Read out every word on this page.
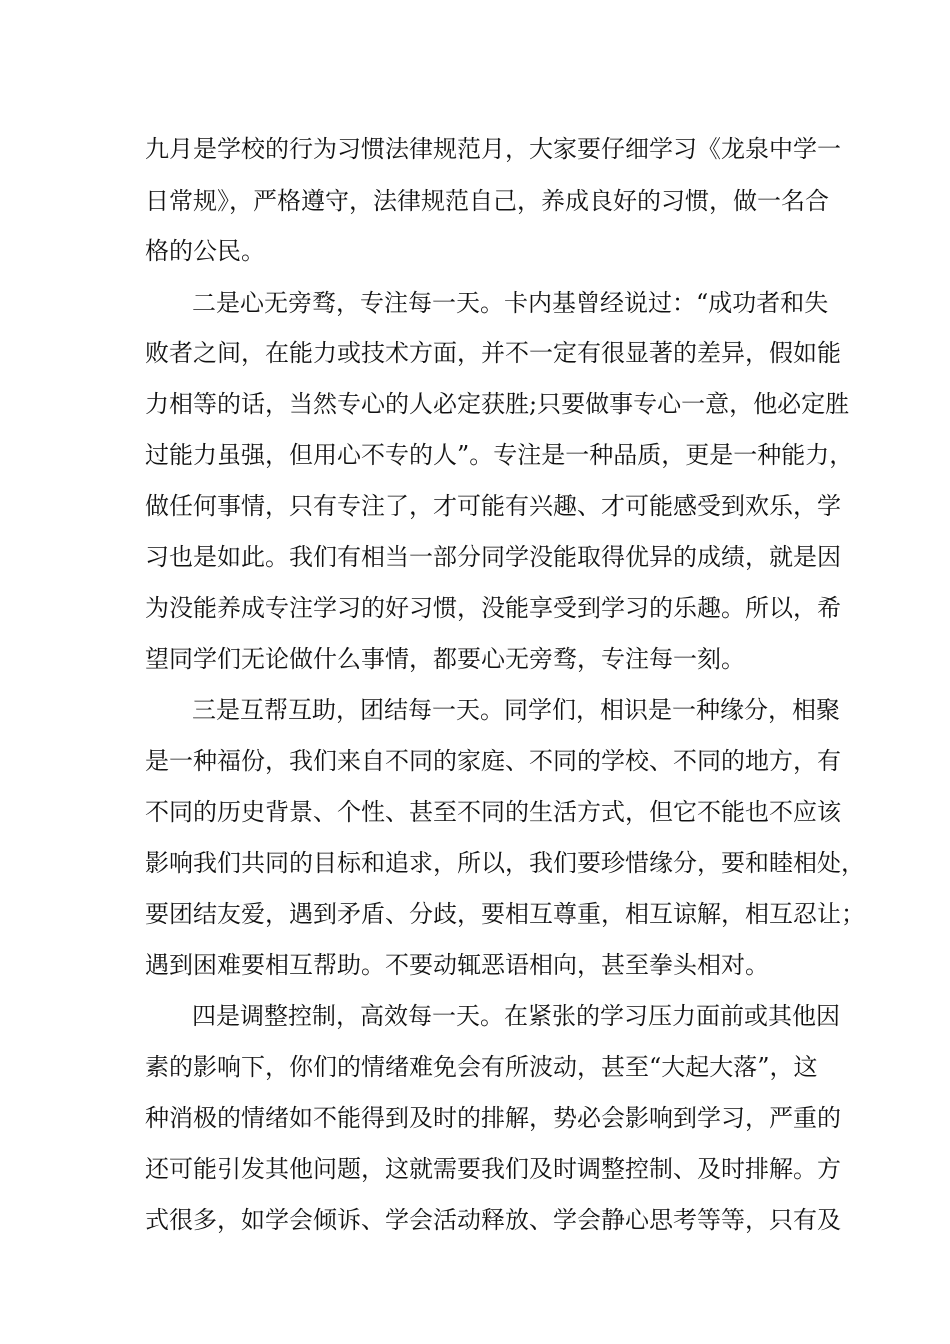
九月是学校的行为习惯法律规范月，大家要仔细学习《龙泉中学一
日常规》，严格遵守，法律规范自己，养成良好的习惯，做一名合
格的公民。
二是心无旁骛，专注每一天。卡内基曾经说过：“成功者和失
败者之间，在能力或技术方面，并不一定有很显著的差异，假如能
力相等的话，当然专心的人必定获胜;只要做事专心一意，他必定胜
过能力虽强，但用心不专的人”。专注是一种品质，更是一种能力，
做任何事情，只有专注了，才可能有兴趣、才可能感受到欢乐，学
习也是如此。我们有相当一部分同学没能取得优异的成绩，就是因
为没能养成专注学习的好习惯，没能享受到学习的乐趣。所以，希
望同学们无论做什么事情，都要心无旁骛，专注每一刻。
三是互帮互助，团结每一天。同学们，相识是一种缘分，相聚
是一种福份，我们来自不同的家庭、不同的学校、不同的地方，有
不同的历史背景、个性、甚至不同的生活方式，但它不能也不应该
影响我们共同的目标和追求，所以，我们要珍惜缘分，要和睦相处，
要团结友爱，遇到矛盾、分歧，要相互尊重，相互谅解，相互忍让；
遇到困难要相互帮助。不要动辄恶语相向，甚至拳头相对。
四是调整控制，高效每一天。在紧张的学习压力面前或其他因
素的影响下，你们的情绪难免会有所波动，甚至“大起大落”，这
种消极的情绪如不能得到及时的排解，势必会影响到学习，严重的
还可能引发其他问题，这就需要我们及时调整控制、及时排解。方
式很多，如学会倾诉、学会活动释放、学会静心思考等等，只有及
